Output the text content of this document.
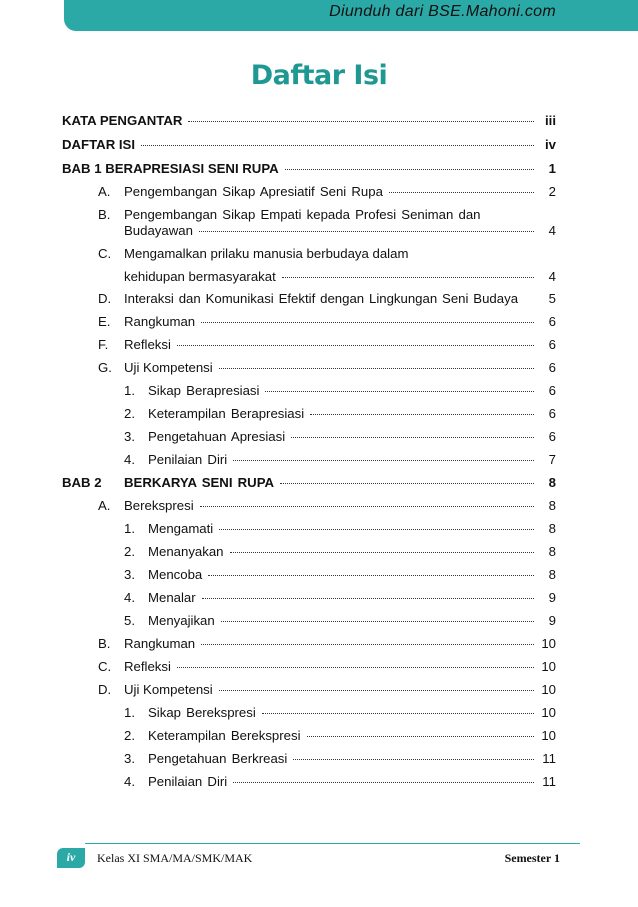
Diunduh dari BSE.Mahoni.com
Daftar Isi
KATA PENGANTAR	iii
DAFTAR ISI	iv
BAB 1 BERAPRESIASI SENI RUPA	1
A.	Pengembangan Sikap Apresiatif Seni Rupa	2
B.	Pengembangan Sikap Empati kepada Profesi Seniman dan
Budayawan	4
C. Mengamalkan prilaku manusia berbudaya dalam
kehidupan bermasyarakat	4
D. Interaksi dan Komunikasi Efektif dengan Lingkungan Seni Budaya	5
E.	Rangkuman	6
F.	Refleksi	6
G. Uji Kompetensi	6
1. Sikap Berapresiasi	6
2. Keterampilan Berapresiasi	6
3. Pengetahuan Apresiasi	6
4. Penilaian Diri	7
BAB 2	BERKARYA SENI RUPA	8
A.	Berekspresi	8
1. Mengamati	8
2. Menanyakan	8
3. Mencoba	8
4. Menalar	9
5. Menyajikan	9
B.	Rangkuman	10
C. Refleksi	10
D. Uji Kompetensi	10
1. Sikap Berekspresi	10
2. Keterampilan Berekspresi	10
3. Pengetahuan Berkreasi	11
4. Penilaian Diri	11
iv	Kelas XI SMA/MA/SMK/MAK	Semester 1
